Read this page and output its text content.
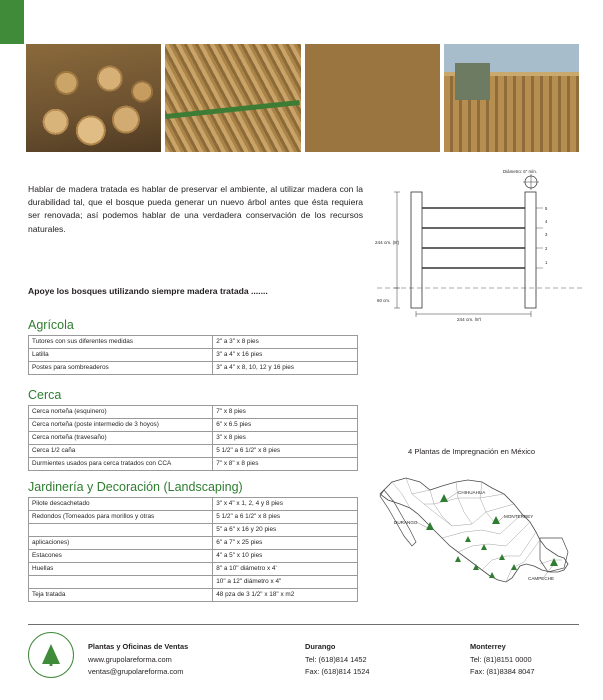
Hablar de madera tratada es hablar de preservar el ambiente, al utilizar madera con la durabilidad tal, que el bosque pueda generar un nuevo árbol antes que ésta requiera ser renovada; así podemos hablar de una verdadera conservación de los recursos naturales.

Apoye los bosques utilizando siempre madera tratada .......

Diámetro: 6" mín.
244 cm. (8')
60 cm.
244 cm. (8')
5
4
3
2
1
Agrícola
Tutores con sus diferentes medidas	2" a 3" x 8 pies
Latilla	3" a 4" x 16 pies
Postes para sombreaderos	3" a 4" x 8, 10, 12 y 16 pies
Cerca
Cerca norteña (esquinero)	7" x 8 pies
Cerca norteña (poste intermedio de 3 hoyos)	6" x 6.5 pies
Cerca norteña (travesaño)	3" x 8 pies
Cerca 1/2 caña	5 1/2" a 6 1/2" x 8 pies
Durmientes usados para cerca tratados con CCA	7" x 8" x 8 pies
Jardinería y Decoración (Landscaping)
Pilote descachetado	3" x 4" x 1, 2, 4 y 8 pies
Redondos (Torneados para morillos y otras	5 1/2" a 6 1/2" x 8 pies
	5" a 6" x 16 y 20 pies
aplicaciones)	6" a 7" x 25 pies
Estacones	4" a 5" x 10 pies
Huellas	8" a 10" diámetro x 4'
	10" a 12" diámetro x 4"
Teja tratada	48 pza de 3 1/2" x 18" x m2
4 Plantas de Impregnación en México
CHIHUAHUA
DURANGO
MONTERREY
CAMPECHE
Plantas y Oficinas de Ventas
www.grupolareforma.com
ventas@grupolareforma.com
Durango
Tel: (618)814 1452
Fax: (618)814 1524
Monterrey
Tel: (81)8151 0000
Fax: (81)8384 8047
